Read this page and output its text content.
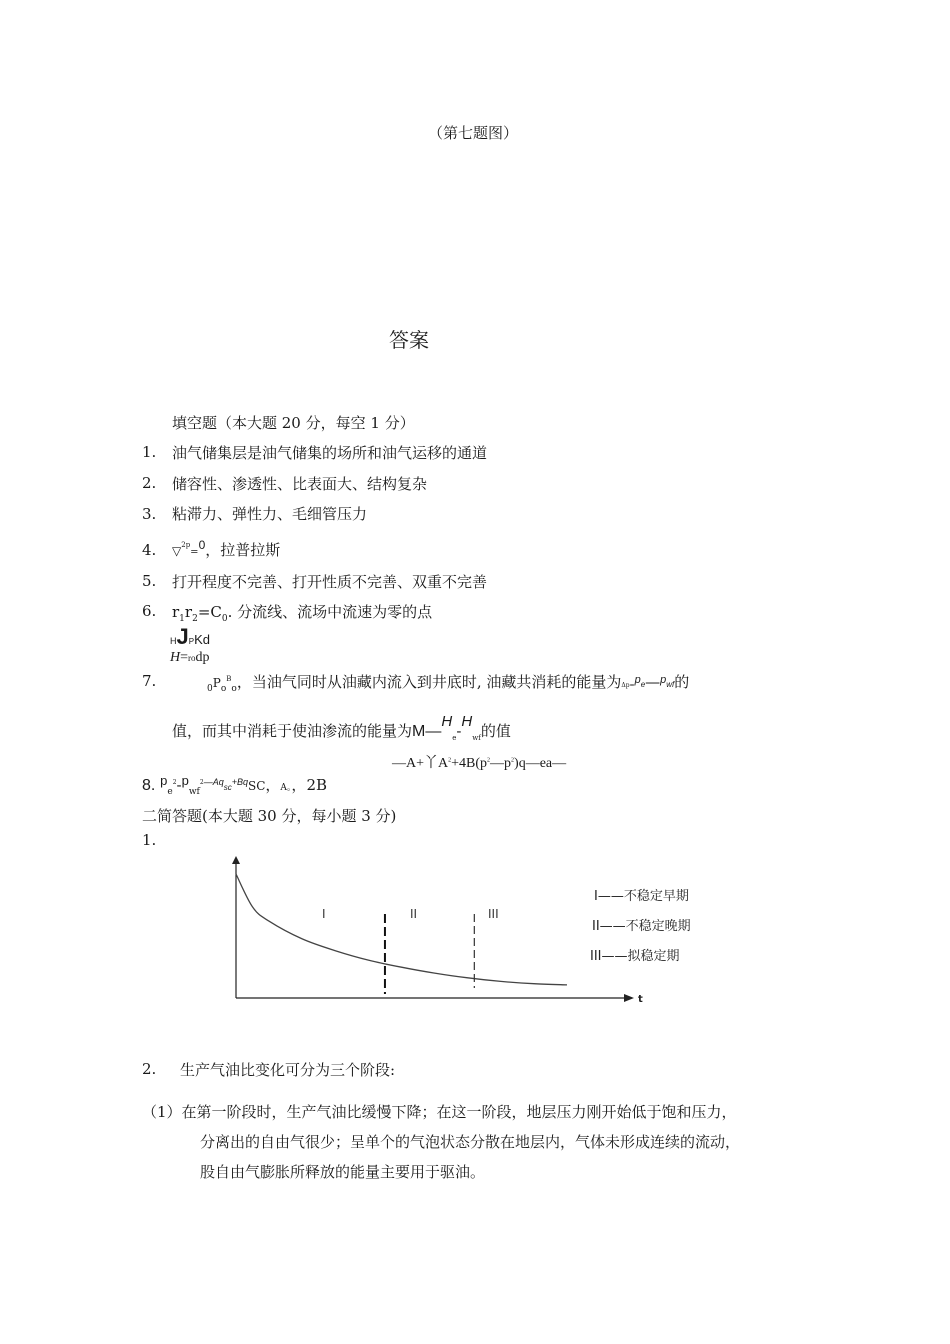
（第七题图）
答案
填空题（本大题 20 分，每空 1 分）
1. 油气储集层是油气储集的场所和油气运移的通道
2. 储容性、渗透性、比表面大、结构复杂
3. 粘滞力、弹性力、毛细管压力
4. ▽$^{2p}$=$^0$，拉普拉斯
5. 打开程度不完善、打开性质不完善、双重不完善
6. $r_1r_2=C_0$. 分流线、流场中流速为零的点
HJPKd
H=rodp
7.	$_0P_o^B_o$，当油气同时从油藏内流入到井底时, 油藏共消耗的能量为Δp=$^p$e—$^p$wf的
值，而其中消耗于使油渗流的能量为$M—H_e-H_{wf}$的值
—A+丫$A^2+4B(p^2—p^2)q—ea—$
8. $p_e^2-p_{wf}^{2—Aq}sc^{+Bq}SC$，A。，2B
二简答题(本大题 30 分，每小题 3 分)
1.
t
I	II	III
I——不稳定早期
II——不稳定晚期
III——拟稳定期
2. 生产气油比变化可分为三个阶段:
（1）在第一阶段时，生产气油比缓慢下降；在这一阶段，地层压力刚开始低于饱和压力，
分离出的自由气很少；呈单个的气泡状态分散在地层内，气体未形成连续的流动，
股自由气膨胀所释放的能量主要用于驱油。
